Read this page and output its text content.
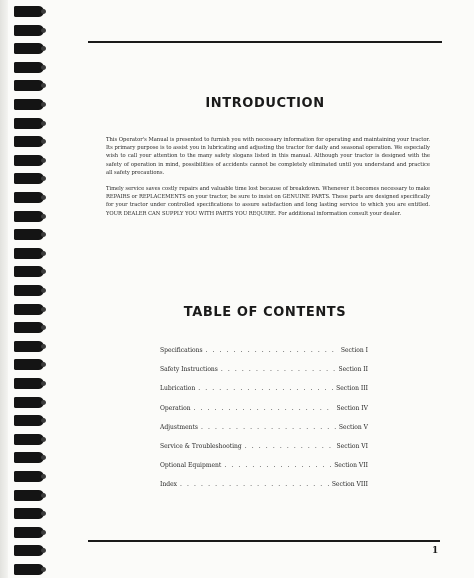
INTRODUCTION

This Operator's Manual is presented to furnish you with necessary information for operating and maintaining your tractor. Its primary purpose is to assist you in lubricating and adjusting the tractor for daily and seasonal operation. We especially wish to call your attention to the many safety slogans listed in this manual. Although your tractor is designed with the safety of operation in mind, possibilities of accidents cannot be completely eliminated until you understand and practice all safety precautions.

Timely service saves costly repairs and valuable time lost because of breakdown. Whenever it becomes necessary to make REPAIRS or REPLACEMENTS on your tractor, be sure to insist on GENUINE PARTS. These parts are designed specifically for your tractor under controlled specifications to assure satisfaction and long lasting service to which you are entitled. YOUR DEALER CAN SUPPLY YOU WITH PARTS YOU REQUIRE. For additional information consult your dealer.

TABLE OF CONTENTS
Specifications . . .	Section I
Safety Instructions . . .	Section II
Lubrication . . .	Section III
Operation . . .	Section IV
Adjustments . . .	Section V
Service & Troubleshooting . . .	Section VI
Optional Equipment . . .	Section VII
Index . . .	Section VIII
1
